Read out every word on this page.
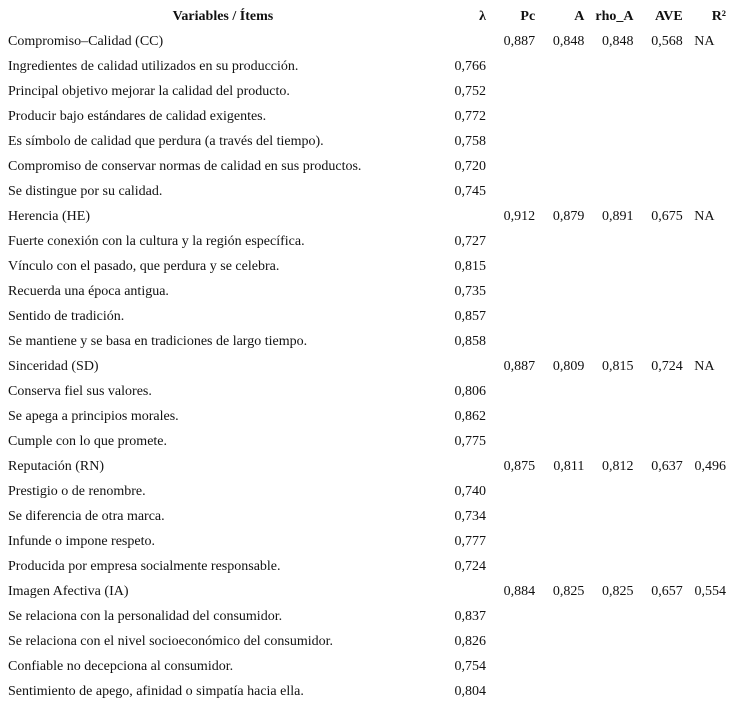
Variables / Ítems	λ	Pc	A	rho_A	AVE	R²
Compromiso–Calidad (CC)		0,887	0,848	0,848	0,568	NA
Ingredientes de calidad utilizados en su producción.	0,766					
Principal objetivo mejorar la calidad del producto.	0,752					
Producir bajo estándares de calidad exigentes.	0,772					
Es símbolo de calidad que perdura (a través del tiempo).	0,758					
Compromiso de conservar normas de calidad en sus productos.	0,720					
Se distingue por su calidad.	0,745					
Herencia (HE)		0,912	0,879	0,891	0,675	NA
Fuerte conexión con la cultura y la región específica.	0,727					
Vínculo con el pasado, que perdura y se celebra.	0,815					
Recuerda una época antigua.	0,735					
Sentido de tradición.	0,857					
Se mantiene y se basa en tradiciones de largo tiempo.	0,858					
Sinceridad (SD)		0,887	0,809	0,815	0,724	NA
Conserva fiel sus valores.	0,806					
Se apega a principios morales.	0,862					
Cumple con lo que promete.	0,775					
Reputación (RN)		0,875	0,811	0,812	0,637	0,496
Prestigio o de renombre.	0,740					
Se diferencia de otra marca.	0,734					
Infunde o impone respeto.	0,777					
Producida por empresa socialmente responsable.	0,724					
Imagen Afectiva (IA)		0,884	0,825	0,825	0,657	0,554
Se relaciona con la personalidad del consumidor.	0,837					
Se relaciona con el nivel socioeconómico del consumidor.	0,826					
Confiable no decepciona al consumidor.	0,754					
Sentimiento de apego, afinidad o simpatía hacia ella.	0,804					
